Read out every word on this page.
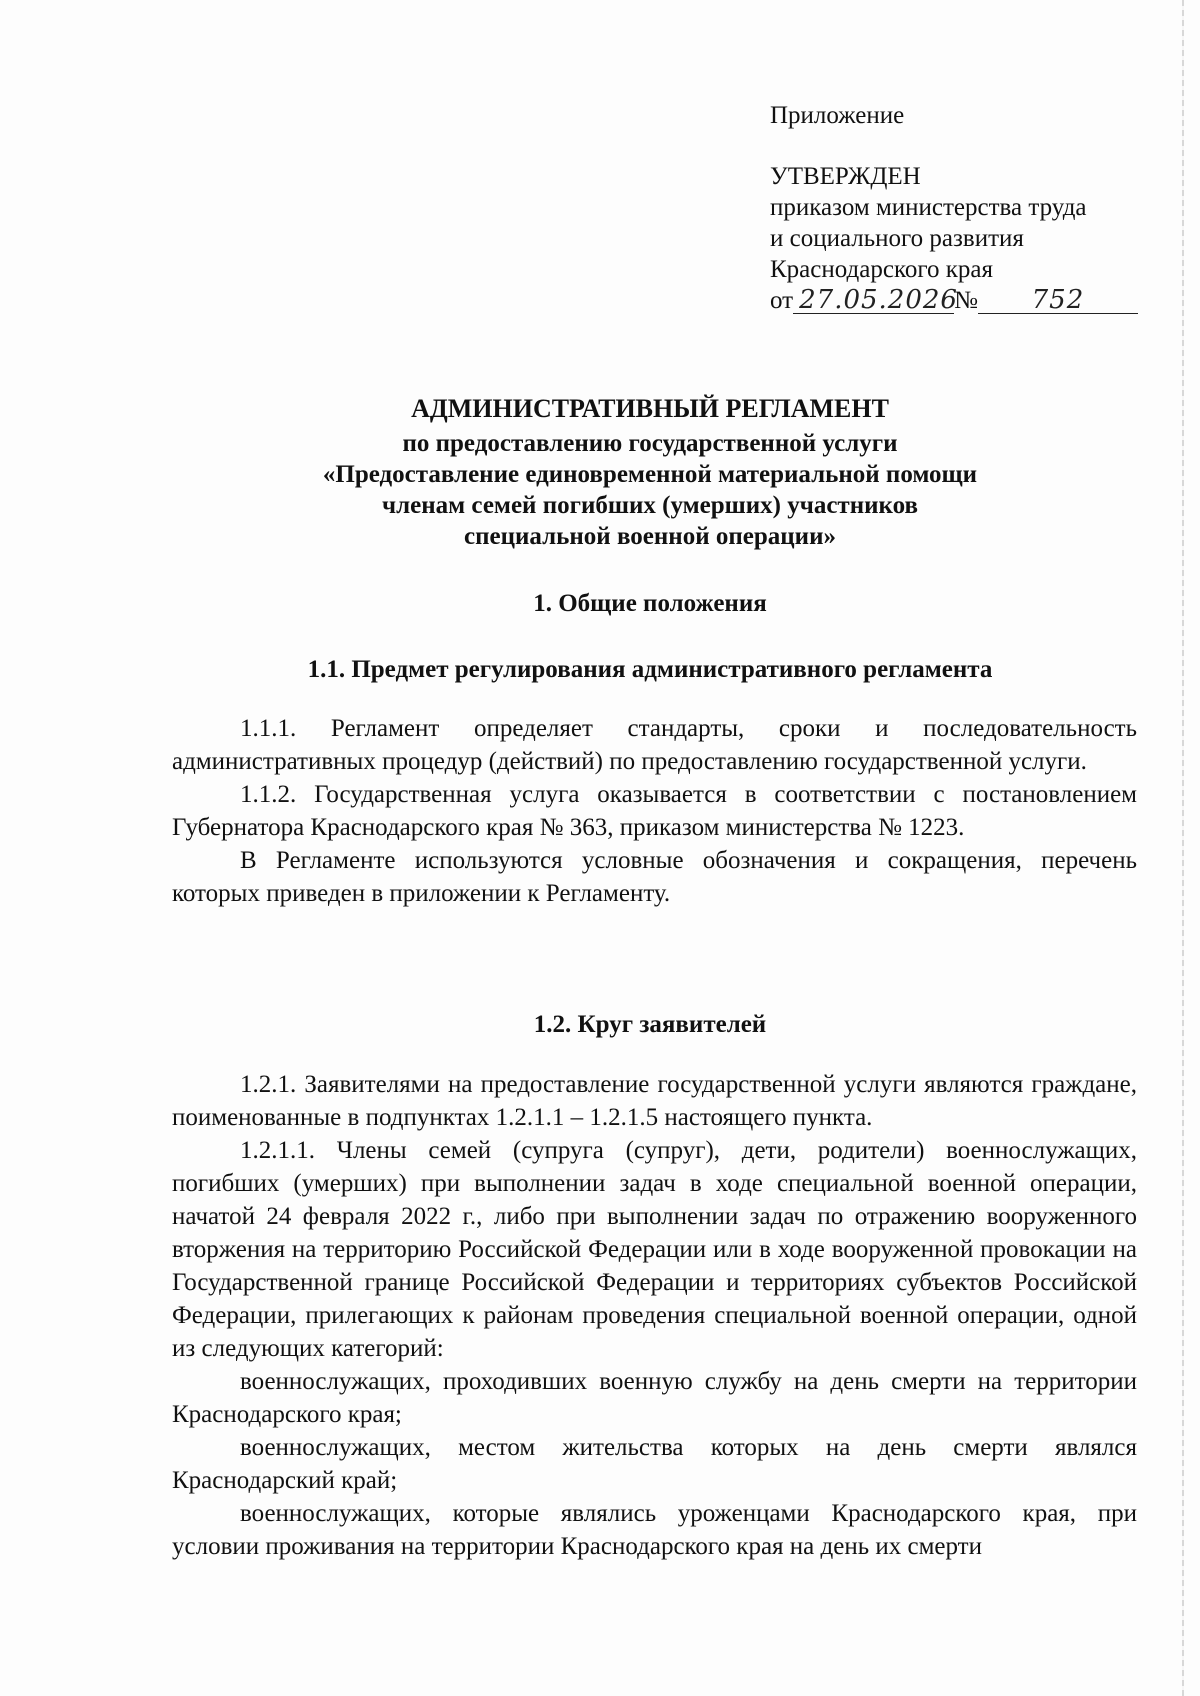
Приложение
УТВЕРЖДЕН
приказом министерства труда
и социального развития
Краснодарского края
от 27.05.2026
№	752
АДМИНИСТРАТИВНЫЙ РЕГЛАМЕНТ
по предоставлению государственной услуги
«Предоставление единовременной материальной помощи
членам семей погибших (умерших) участников
специальной военной операции»
1. Общие положения
1.1. Предмет регулирования административного регламента

1.1.1. Регламент определяет стандарты, сроки и последовательность административных процедур (действий) по предоставлению государственной услуги.

1.1.2. Государственная услуга оказывается в соответствии с постановлением Губернатора Краснодарского края № 363, приказом министерства № 1223.

В Регламенте используются условные обозначения и сокращения, перечень которых приведен в приложении к Регламенту.

1.2. Круг заявителей

1.2.1. Заявителями на предоставление государственной услуги являются граждане, поименованные в подпунктах 1.2.1.1 – 1.2.1.5 настоящего пункта.

1.2.1.1. Члены семей (супруга (супруг), дети, родители) военнослужащих, погибших (умерших) при выполнении задач в ходе специальной военной операции, начатой 24 февраля 2022 г., либо при выполнении задач по отражению вооруженного вторжения на территорию Российской Федерации или в ходе вооруженной провокации на Государственной границе Российской Федерации и территориях субъектов Российской Федерации, прилегающих к районам проведения специальной военной операции, одной из следующих категорий:

военнослужащих, проходивших военную службу на день смерти на территории Краснодарского края;

военнослужащих, местом жительства которых на день смерти являлся Краснодарский край;

военнослужащих, которые являлись уроженцами Краснодарского края, при условии проживания на территории Краснодарского края на день их смерти
